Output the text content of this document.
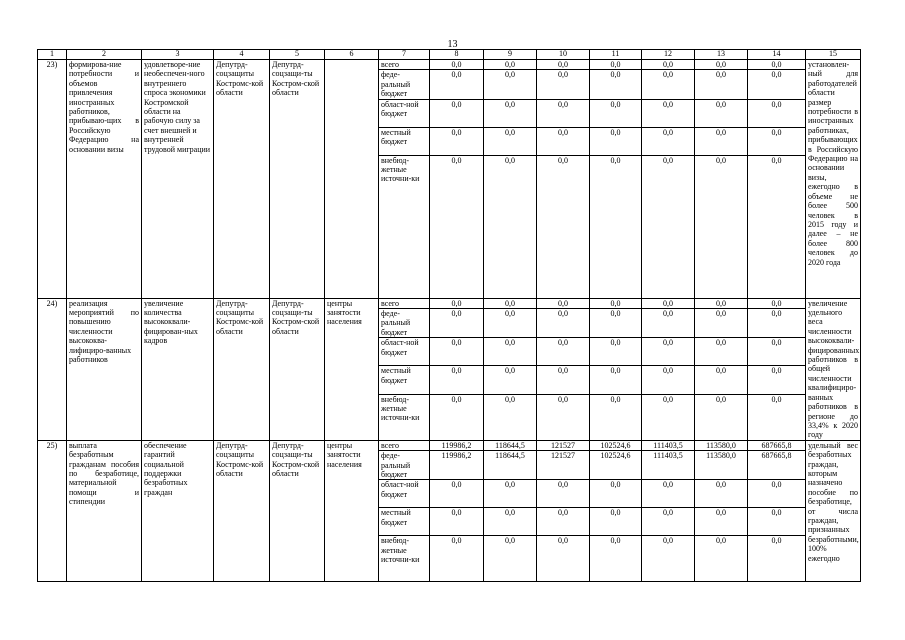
13
1	2	3	4	5	6	7	8	9	10	11	12	13	14	15
23)	формирова-ние потребности и объемов привлечения иностранных работников, прибываю-щих в Российскую Федерацию на основании визы	удовлетворе-ние необеспечен-ного внутреннего спроса экономики Костромской области на рабочую силу за счет внешней и внутренней трудовой миграции	Депутрд-соцзащиты Костромс-кой области	Депутрд-соцзащи-ты Костром-ской области		всего	0,0	0,0	0,0	0,0	0,0	0,0	0,0	установлен-ный для работодателей области размер потребности в иностранных работниках, прибывающих в Российскую Федерацию на основании визы, ежегодно в объеме не более 500 человек в 2015 году и далее – не более 800 человек до 2020 года
						феде-ральный бюджет	0,0	0,0	0,0	0,0	0,0	0,0	0,0	
						област-ной бюджет	0,0	0,0	0,0	0,0	0,0	0,0	0,0	
						местный бюджет	0,0	0,0	0,0	0,0	0,0	0,0	0,0	
						внебюд-жетные источни-ки	0,0	0,0	0,0	0,0	0,0	0,0	0,0	
24)	реализация мероприятий по повышению численности высококва-лифициро-ванных работников	увеличение количества высококвали-фицирован-ных кадров	Депутрд-соцзащиты Костромс-кой области	Депутрд-соцзащи-ты Костром-ской области	центры занятости населения	всего	0,0	0,0	0,0	0,0	0,0	0,0	0,0	увеличение удельного веса численности высококвали-фицированных работников в общей численности квалифициро-ванных работников в регионе до 33,4% к 2020 году
						феде-ральный бюджет	0,0	0,0	0,0	0,0	0,0	0,0	0,0	
						област-ной бюджет	0,0	0,0	0,0	0,0	0,0	0,0	0,0	
						местный бюджет	0,0	0,0	0,0	0,0	0,0	0,0	0,0	
						внебюд-жетные источни-ки	0,0	0,0	0,0	0,0	0,0	0,0	0,0	
25)	выплата безработным гражданам пособия по безработице, материальной помощи и стипендии	обеспечение гарантий социальной поддержки безработных граждан	Депутрд-соцзащиты Костромс-кой области	Депутрд-соцзащи-ты Костром-ской области	центры занятости населения	всего	119986,2	118644,5	121527	102524,6	111403,5	113580,0	687665,8	удельный вес безработных граждан, которым назначено пособие по безработице, от числа граждан, признанных безработными, 100% ежегодно
						феде-ральный бюджет	119986,2	118644,5	121527	102524,6	111403,5	113580,0	687665,8	
						област-ной бюджет	0,0	0,0	0,0	0,0	0,0	0,0	0,0	
						местный бюджет	0,0	0,0	0,0	0,0	0,0	0,0	0,0	
						внебюд-жетные источни-ки	0,0	0,0	0,0	0,0	0,0	0,0	0,0	
